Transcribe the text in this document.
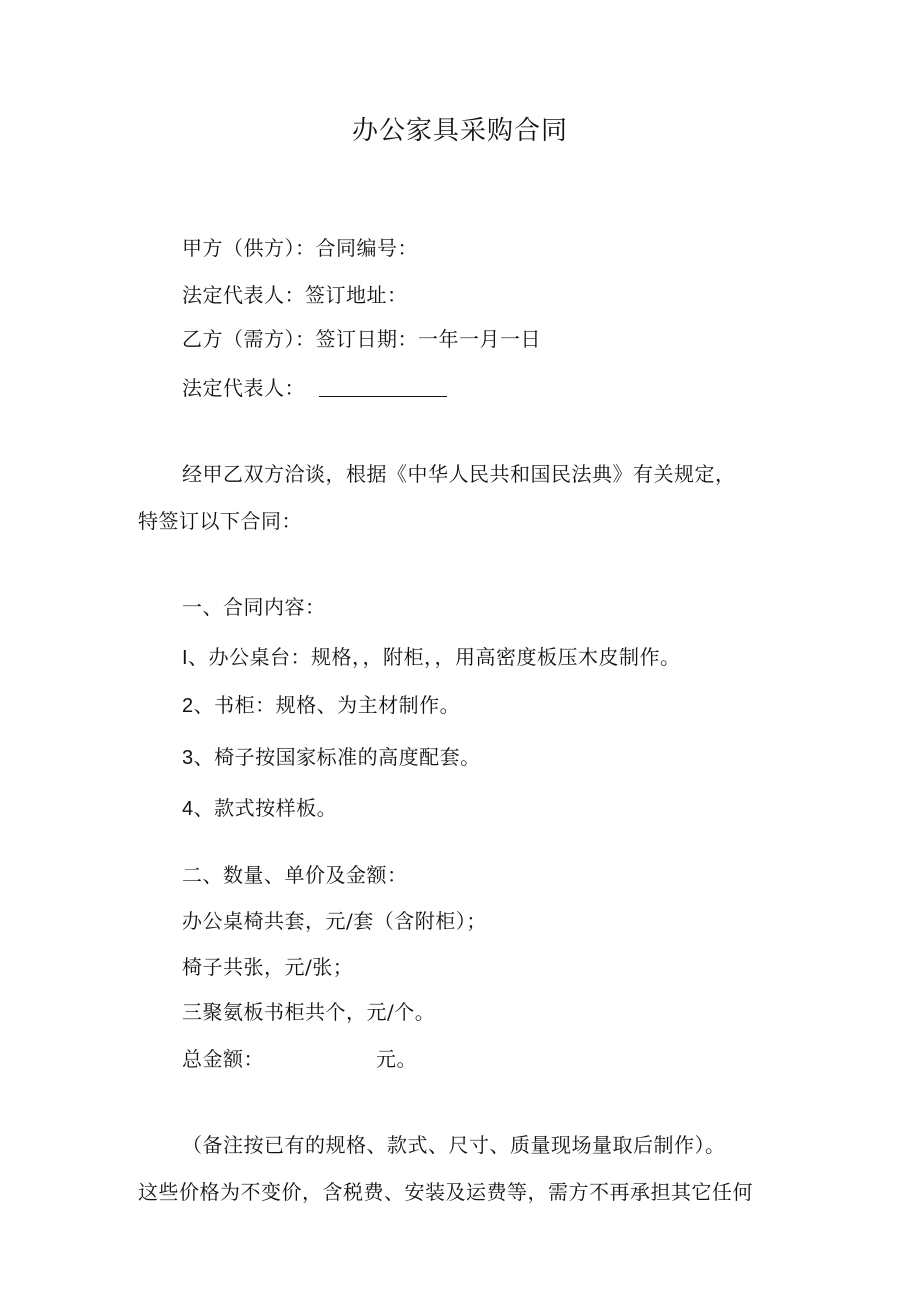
办公家具采购合同
甲方（供方）：合同编号：
法定代表人：签订地址：
乙方（需方）：签订日期：一年一月一日
法定代表人：
经甲乙双方洽谈，根据《中华人民共和国民法典》有关规定，
特签订以下合同：
一、合同内容：
I、办公桌台：规格，，附柜，，用高密度板压木皮制作。
2、书柜：规格、为主材制作。
3、椅子按国家标准的高度配套。
4、款式按样板。
二、数量、单价及金额：
办公桌椅共套，元/套（含附柜）；
椅子共张，元/张；
三聚氨板书柜共个，元/个。
总金额：	元。
（备注按已有的规格、款式、尺寸、质量现场量取后制作）。
这些价格为不变价，含税费、安装及运费等，需方不再承担其它任何
